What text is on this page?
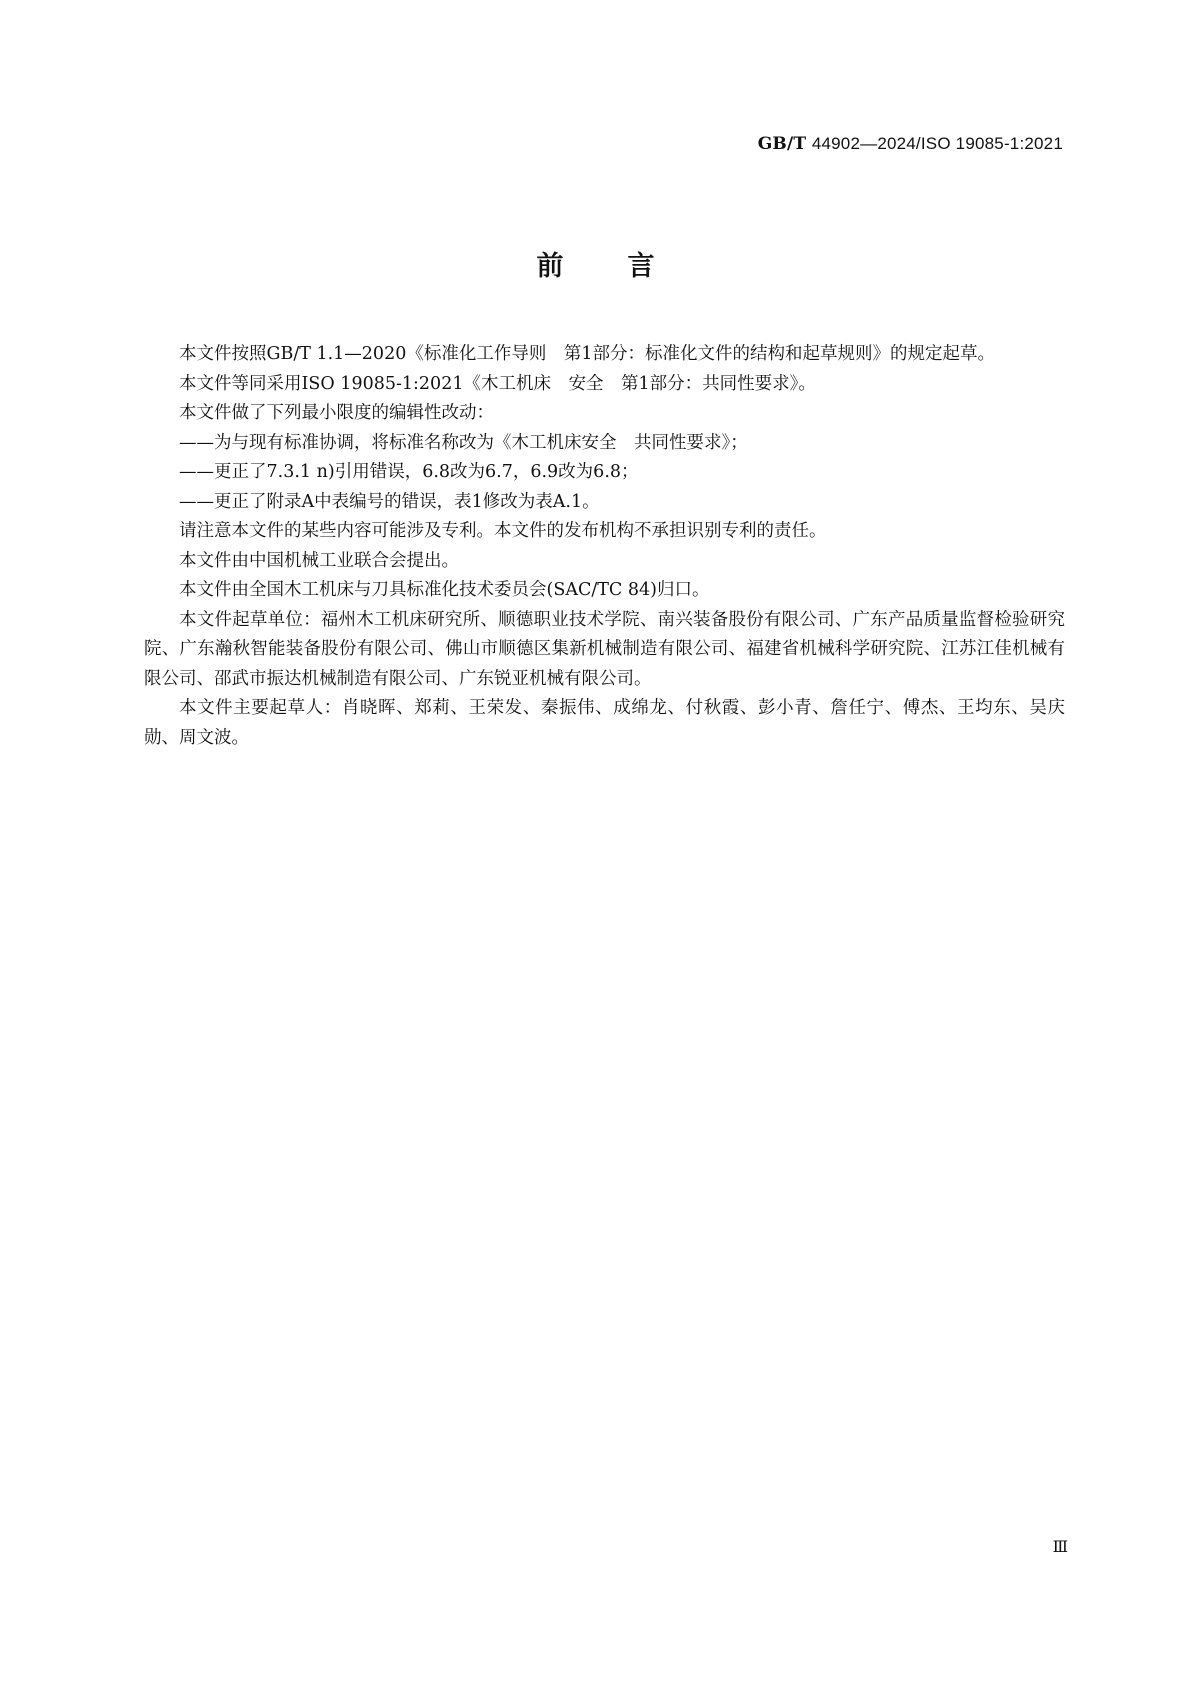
GB/T 44902—2024/ISO 19085-1:2021
前言

本文件按照GB/T 1.1—2020《标准化工作导则　第1部分：标准化文件的结构和起草规则》的规定起草。

本文件等同采用ISO 19085-1:2021《木工机床　安全　第1部分：共同性要求》。

本文件做了下列最小限度的编辑性改动：

——为与现有标准协调，将标准名称改为《木工机床安全　共同性要求》；

——更正了7.3.1 n)引用错误，6.8改为6.7，6.9改为6.8；

——更正了附录A中表编号的错误，表1修改为表A.1。

请注意本文件的某些内容可能涉及专利。本文件的发布机构不承担识别专利的责任。

本文件由中国机械工业联合会提出。

本文件由全国木工机床与刀具标准化技术委员会(SAC/TC 84)归口。

本文件起草单位：福州木工机床研究所、顺德职业技术学院、南兴装备股份有限公司、广东产品质量监督检验研究院、广东瀚秋智能装备股份有限公司、佛山市顺德区集新机械制造有限公司、福建省机械科学研究院、江苏江佳机械有限公司、邵武市振达机械制造有限公司、广东锐亚机械有限公司。

本文件主要起草人：肖晓晖、郑莉、王荣发、秦振伟、成绵龙、付秋霞、彭小青、詹任宁、傅杰、王均东、吴庆勋、周文波。

Ⅲ
